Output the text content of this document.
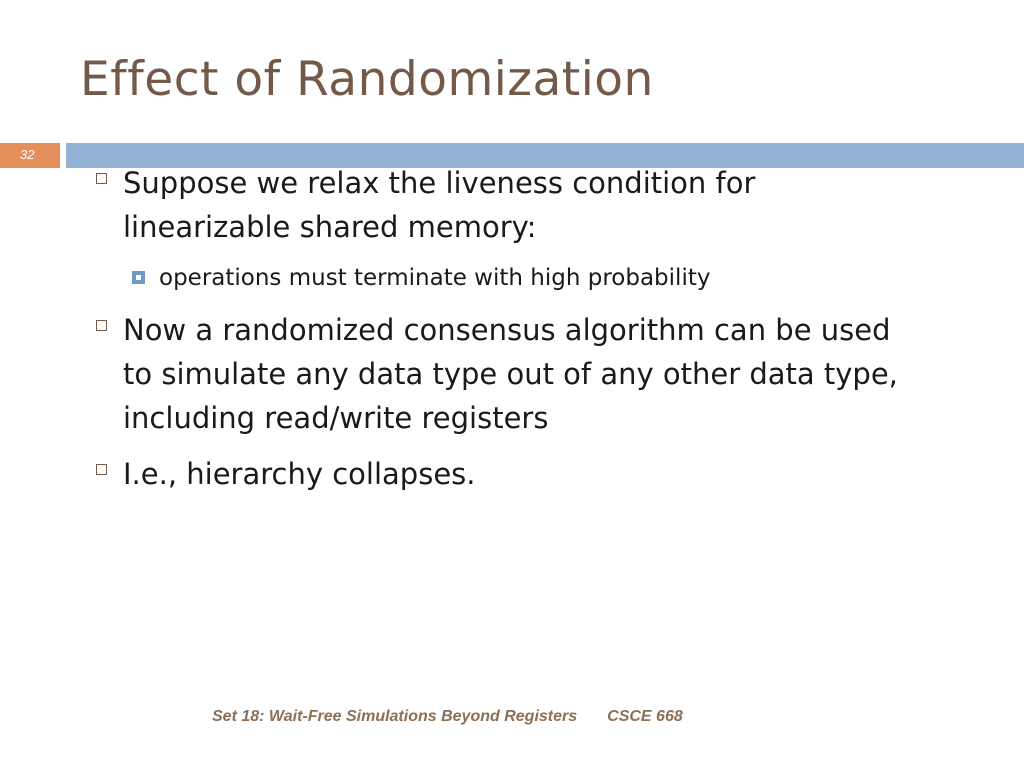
Effect of Randomization
32
Suppose we relax the liveness condition for linearizable shared memory:
operations must terminate with high probability
Now a randomized consensus algorithm can be used to simulate any data type out of any other data type, including read/write registers
I.e., hierarchy collapses.
Set 18: Wait-Free Simulations Beyond Registers CSCE 668
